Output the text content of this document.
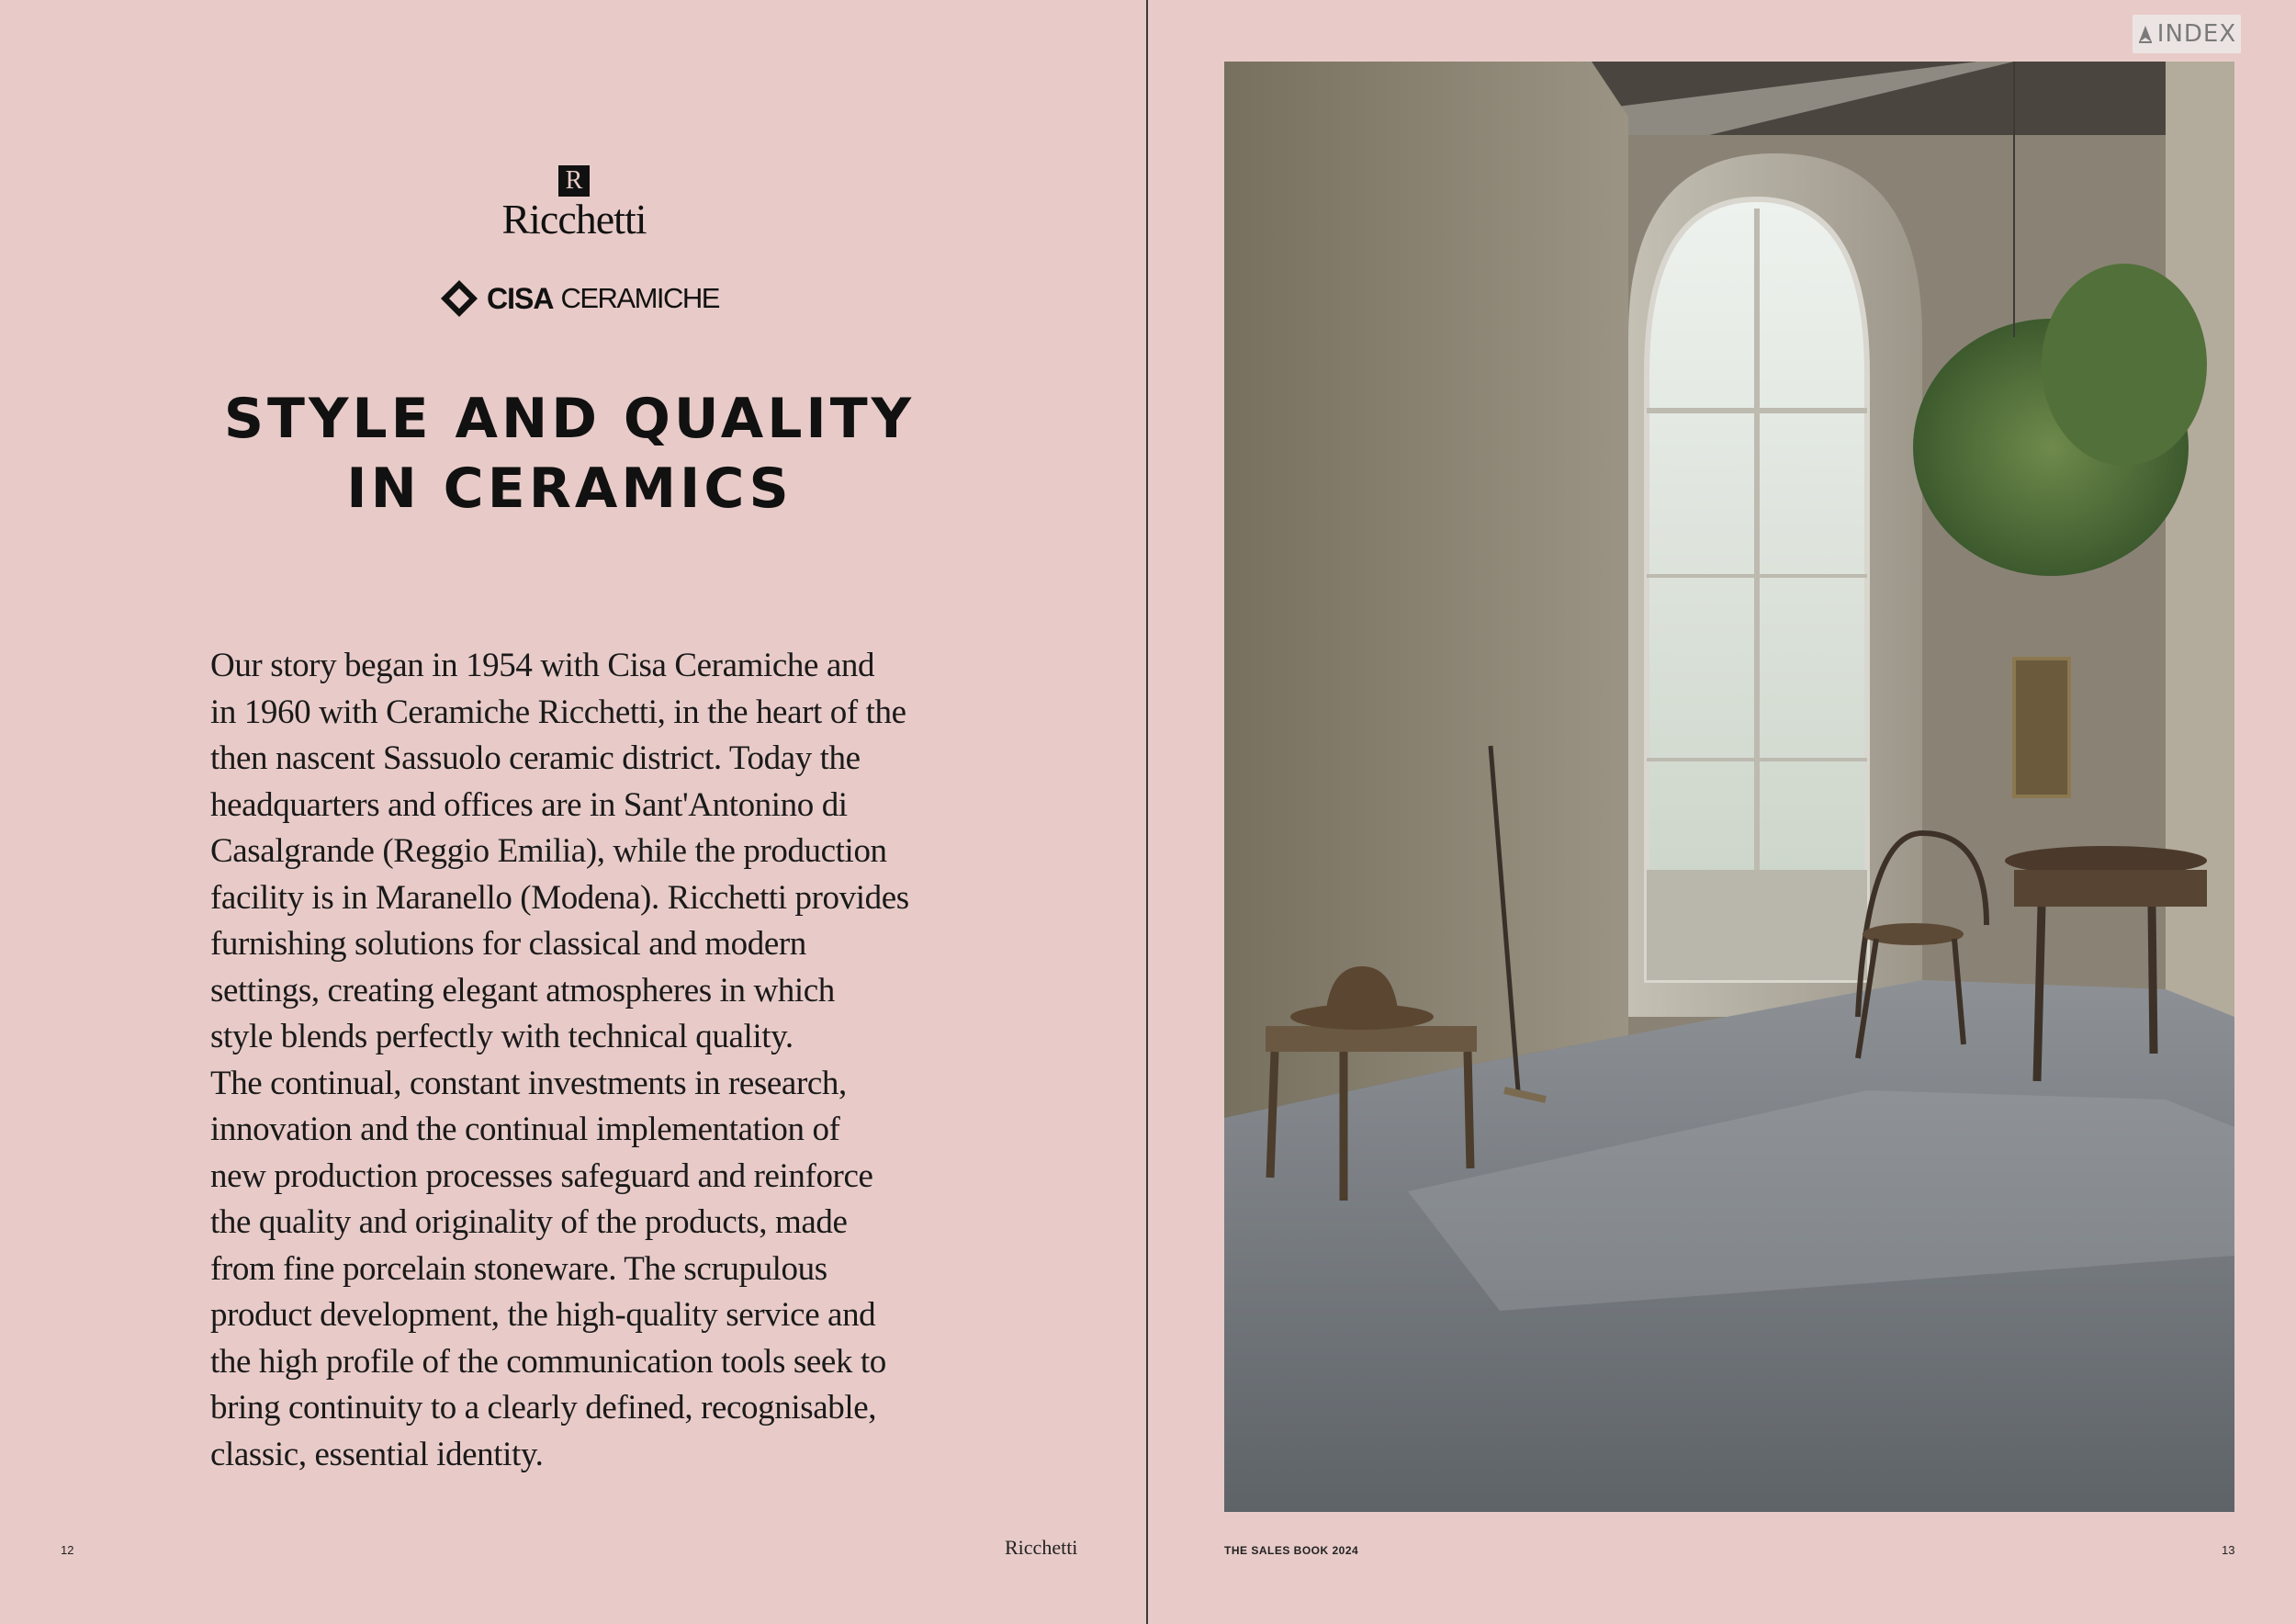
R
Ricchetti
CISA CERAMICHE
STYLE AND QUALITY
IN CERAMICS

Our story began in 1954 with Cisa Ceramiche and
in 1960 with Ceramiche Ricchetti, in the heart of the
then nascent Sassuolo ceramic district. Today the
headquarters and offices are in Sant'Antonino di
Casalgrande (Reggio Emilia), while the production
facility is in Maranello (Modena). Ricchetti provides
furnishing solutions for classical and modern
settings, creating elegant atmospheres in which
style blends perfectly with technical quality.
The continual, constant investments in research,
innovation and the continual implementation of
new production processes safeguard and reinforce
the quality and originality of the products, made
from fine porcelain stoneware. The scrupulous
product development, the high-quality service and
the high profile of the communication tools seek to
bring continuity to a clearly defined, recognisable,
classic, essential identity.

12	Ricchetti	THE SALES BOOK 2024	13
INDEX
